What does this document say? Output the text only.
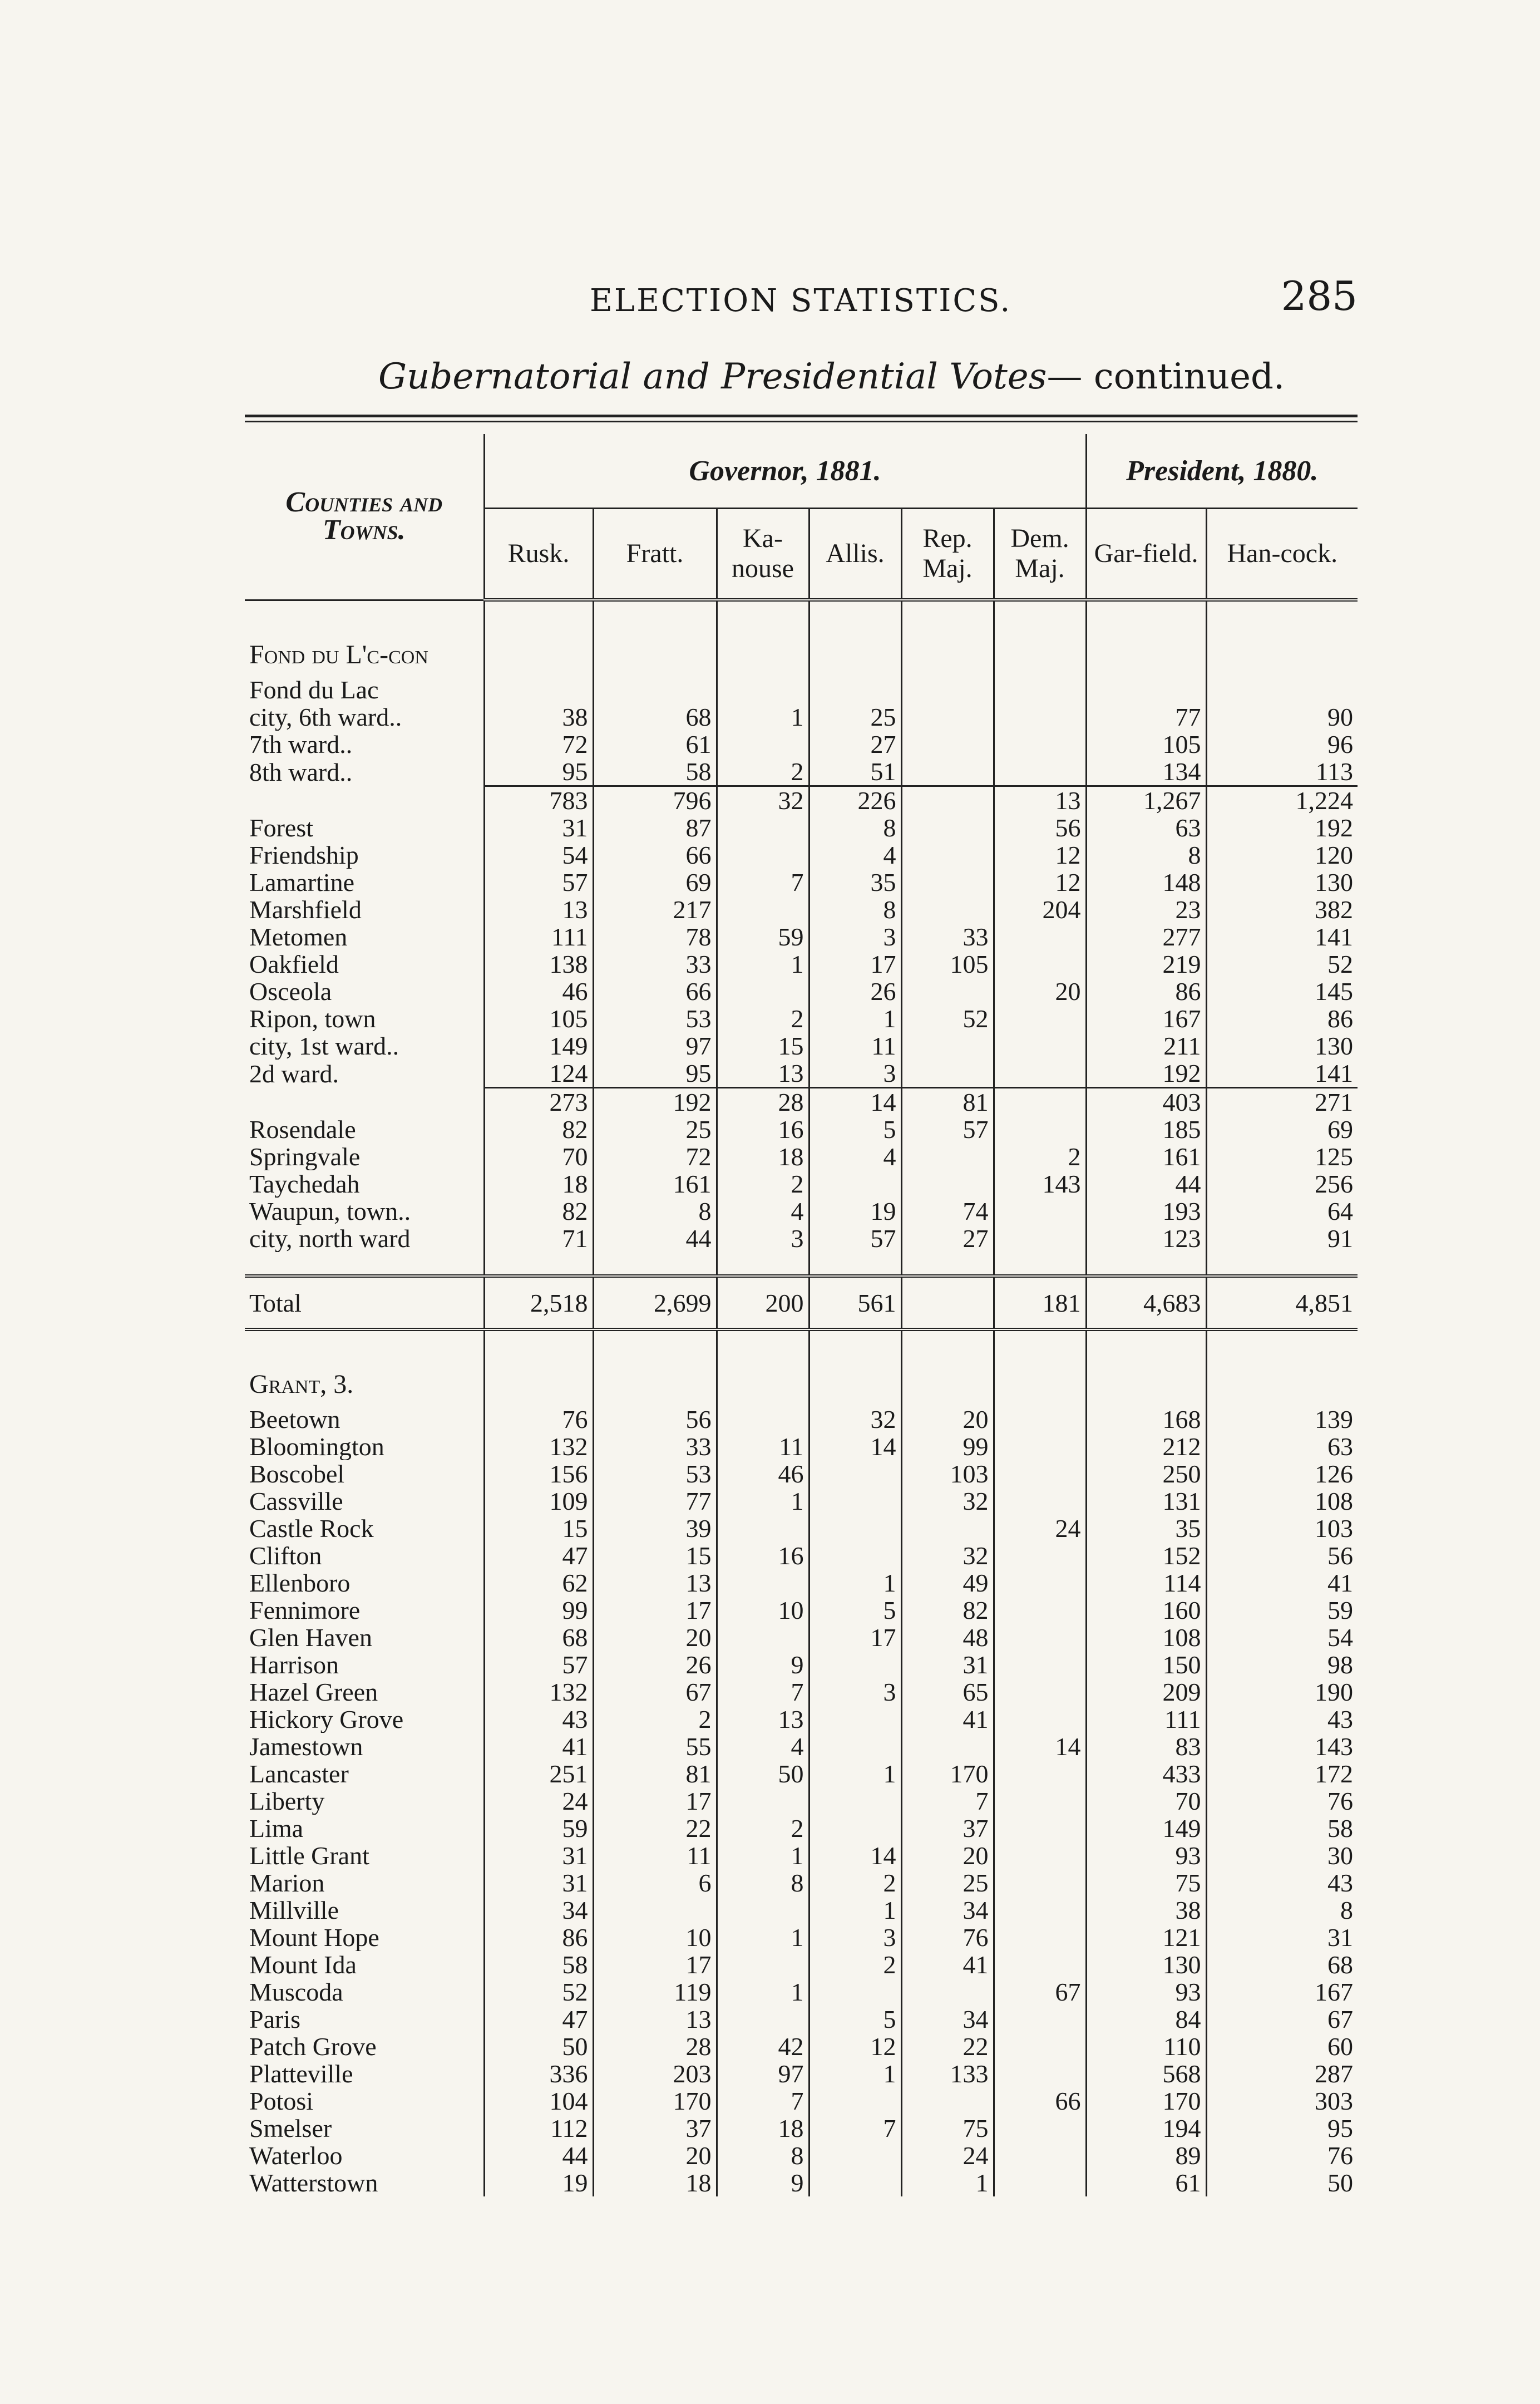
ELECTION STATISTICS.	285
Gubernatorial and Presidential Votes— continued.
Counties and Towns.	Governor, 1881.						President, 1880.	
	Rusk.	Fratt.	Ka-nouse	Allis.	Rep. Maj.	Dem. Maj.	Gar-field.	Han-cock.
Fond du L'c-con								
Fond du Lac								
city, 6th ward..	38	68	1	25			77	90
7th ward..	72	61		27			105	96
8th ward..	95	58	2	51			134	113
	783	796	32	226		13	1,267	1,224
Forest	31	87		8		56	63	192
Friendship	54	66		4		12	8	120
Lamartine	57	69	7	35		12	148	130
Marshfield	13	217		8		204	23	382
Metomen	111	78	59	3	33		277	141
Oakfield	138	33	1	17	105		219	52
Osceola	46	66		26		20	86	145
Ripon, town	105	53	2	1	52		167	86
city, 1st ward..	149	97	15	11			211	130
2d ward.	124	95	13	3			192	141
	273	192	28	14	81		403	271
Rosendale	82	25	16	5	57		185	69
Springvale	70	72	18	4		2	161	125
Taychedah	18	161	2			143	44	256
Waupun, town..	82	8	4	19	74		193	64
city, north ward	71	44	3	57	27		123	91

Total	2,518	2,699	200	561		181	4,683	4,851
Grant, 3.								
Beetown	76	56		32	20		168	139
Bloomington	132	33	11	14	99		212	63
Boscobel	156	53	46		103		250	126
Cassville	109	77	1		32		131	108
Castle Rock	15	39				24	35	103
Clifton	47	15	16		32		152	56
Ellenboro	62	13		1	49		114	41
Fennimore	99	17	10	5	82		160	59
Glen Haven	68	20		17	48		108	54
Harrison	57	26	9		31		150	98
Hazel Green	132	67	7	3	65		209	190
Hickory Grove	43	2	13		41		111	43
Jamestown	41	55	4			14	83	143
Lancaster	251	81	50	1	170		433	172
Liberty	24	17			7		70	76
Lima	59	22	2		37		149	58
Little Grant	31	11	1	14	20		93	30
Marion	31	6	8	2	25		75	43
Millville	34			1	34		38	8
Mount Hope	86	10	1	3	76		121	31
Mount Ida	58	17		2	41		130	68
Muscoda	52	119	1			67	93	167
Paris	47	13		5	34		84	67
Patch Grove	50	28	42	12	22		110	60
Platteville	336	203	97	1	133		568	287
Potosi	104	170	7			66	170	303
Smelser	112	37	18	7	75		194	95
Waterloo	44	20	8		24		89	76
Watterstown	19	18	9		1		61	50
